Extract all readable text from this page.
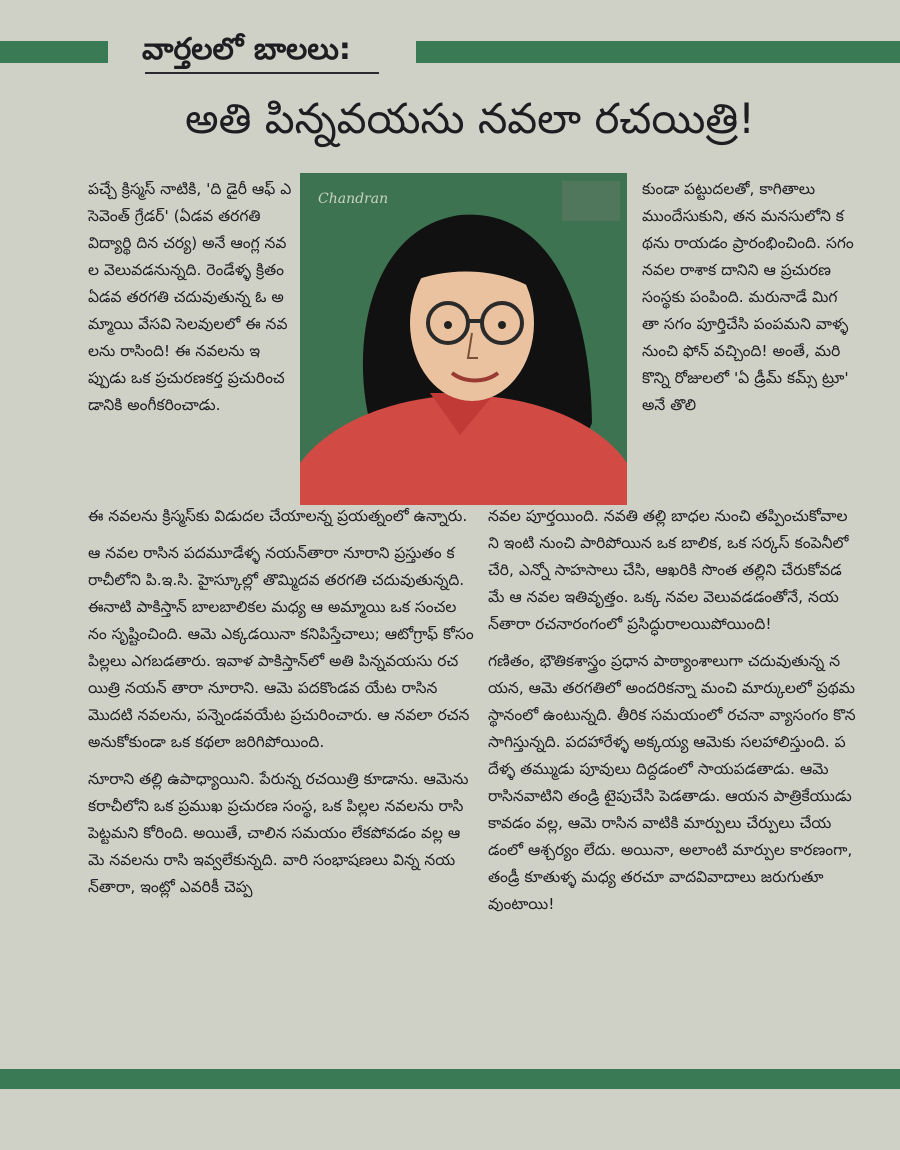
వార్తలలో బాలలు:
అతి పిన్నవయసు నవలా రచయిత్రి!
Chandran

పచ్చే క్రిస్మస్ నాటికి, 'ది డైరీ ఆఫ్ ఎ సెవెంత్ గ్రేడర్' (ఏడవ తరగతి విద్యార్థి దిన చర్య) అనే ఆంగ్ల నవల వెలువడనున్నది. రెండేళ్ళ క్రితం ఏడవ తరగతి చదువుతున్న ఓ అమ్మాయి వేసవి సెలవులలో ఈ నవలను రాసింది! ఈ నవలను ఇప్పుడు ఒక ప్రచురణకర్త ప్రచురించడానికి అంగీకరించాడు.

కుండా పట్టుదలతో, కాగితాలు ముందేసుకుని, తన మనసులోని కథను రాయడం ప్రారంభించింది. సగం నవల రాశాక దానిని ఆ ప్రచురణ సంస్థకు పంపింది. మరునాడే మిగతా సగం పూర్తిచేసి పంపమని వాళ్ళ నుంచి ఫోన్ వచ్చింది! అంతే, మరి కొన్ని రోజులలో 'ఏ డ్రీమ్ కమ్స్ ట్రూ' అనే తొలి

ఈ నవలను క్రిస్మస్‌కు విడుదల చేయాలన్న ప్రయత్నంలో ఉన్నారు.

ఆ నవల రాసిన పదమూడేళ్ళ నయన్‌తారా నూరాని ప్రస్తుతం కరాచీలోని పి.ఇ.సి. హైస్కూల్లో తొమ్మిదవ తరగతి చదువుతున్నది. ఈనాటి పాకిస్తాన్ బాలబాలికల మధ్య ఆ అమ్మాయి ఒక సంచలనం సృష్టించింది. ఆమె ఎక్కడయినా కనిపిస్తేచాలు; ఆటోగ్రాఫ్ కోసం పిల్లలు ఎగబడతారు. ఇవాళ పాకిస్తాన్‌లో అతి పిన్నవయసు రచయిత్రి నయన్ తారా నూరాని. ఆమె పదకొండవ యేట రాసిన మొదటి నవలను, పన్నెండవయేట ప్రచురించారు. ఆ నవలా రచన అనుకోకుండా ఒక కథలా జరిగిపోయింది.

నూరాని తల్లి ఉపాధ్యాయిని. పేరున్న రచయిత్రి కూడాను. ఆమెను కరాచీలోని ఒక ప్రముఖ ప్రచురణ సంస్థ, ఒక పిల్లల నవలను రాసి పెట్టమని కోరింది. అయితే, చాలిన సమయం లేకపోవడం వల్ల ఆమె నవలను రాసి ఇవ్వలేకున్నది. వారి సంభాషణలు విన్న నయన్‌తారా, ఇంట్లో ఎవరికీ చెప్ప

నవల పూర్తయింది. నవతి తల్లి బాధల నుంచి తప్పించుకోవాలని ఇంటి నుంచి పారిపోయిన ఒక బాలిక, ఒక సర్కస్ కంపెనీలో చేరి, ఎన్నో సాహసాలు చేసి, ఆఖరికి సొంత తల్లిని చేరుకోవడమే ఆ నవల ఇతివృత్తం. ఒక్క నవల వెలువడడంతోనే, నయన్‌తారా రచనారంగంలో ప్రసిద్ధురాలయిపోయింది!

గణితం, భౌతికశాస్త్రం ప్రధాన పాఠ్యాంశాలుగా చదువుతున్న నయన, ఆమె తరగతిలో అందరికన్నా మంచి మార్కులలో ప్రథమస్థానంలో ఉంటున్నది. తీరిక సమయంలో రచనా వ్యాసంగం కొనసాగిస్తున్నది. పదహారేళ్ళ అక్కయ్య ఆమెకు సలహాలిస్తుంది. పదేళ్ళ తమ్ముడు పూవులు దిద్దడంలో సాయపడతాడు. ఆమె రాసినవాటిని తండ్రి టైపుచేసి పెడతాడు. ఆయన పాత్రికేయుడు కావడం వల్ల, ఆమె రాసిన వాటికి మార్పులు చేర్పులు చేయడంలో ఆశ్చర్యం లేదు. అయినా, అలాంటి మార్పుల కారణంగా, తండ్రీ కూతుళ్ళ మధ్య తరచూ వాదవివాదాలు జరుగుతూ వుంటాయి!
